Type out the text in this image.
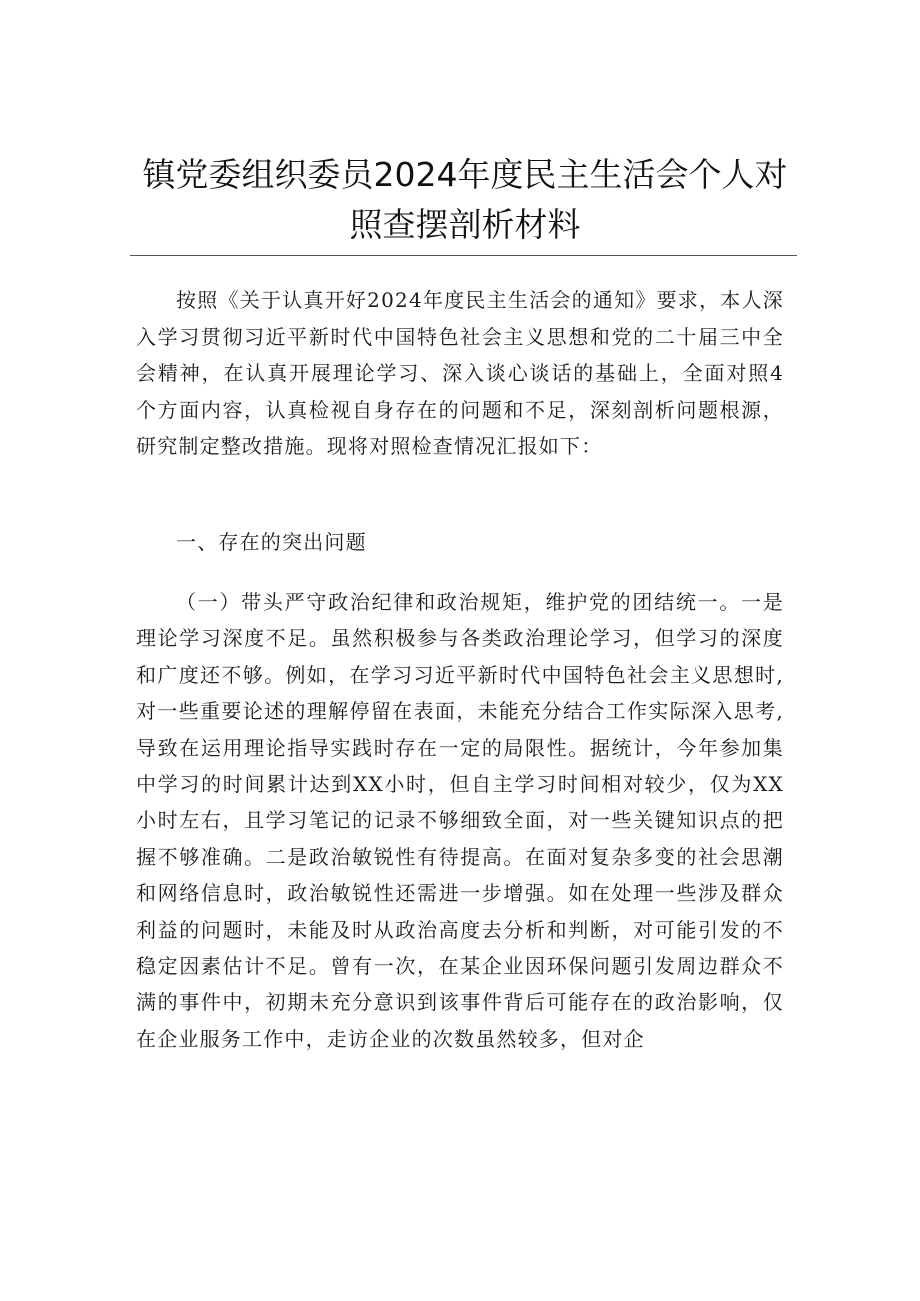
镇党委组织委员2024年度民主生活会个人对照查摆剖析材料

按照《关于认真开好2024年度民主生活会的通知》要求，本人深入学习贯彻习近平新时代中国特色社会主义思想和党的二十届三中全会精神，在认真开展理论学习、深入谈心谈话的基础上，全面对照4个方面内容，认真检视自身存在的问题和不足，深刻剖析问题根源，研究制定整改措施。现将对照检查情况汇报如下：

一、存在的突出问题

（一）带头严守政治纪律和政治规矩，维护党的团结统一。一是理论学习深度不足。虽然积极参与各类政治理论学习，但学习的深度和广度还不够。例如，在学习习近平新时代中国特色社会主义思想时,对一些重要论述的理解停留在表面，未能充分结合工作实际深入思考,导致在运用理论指导实践时存在一定的局限性。据统计，今年参加集中学习的时间累计达到XX小时，但自主学习时间相对较少，仅为XX小时左右，且学习笔记的记录不够细致全面，对一些关键知识点的把握不够准确。二是政治敏锐性有待提高。在面对复杂多变的社会思潮和网络信息时，政治敏锐性还需进一步增强。如在处理一些涉及群众利益的问题时，未能及时从政治高度去分析和判断，对可能引发的不稳定因素估计不足。曾有一次，在某企业因环保问题引发周边群众不满的事件中，初期未充分意识到该事件背后可能存在的政治影响，仅在企业服务工作中，走访企业的次数虽然较多，但对企
